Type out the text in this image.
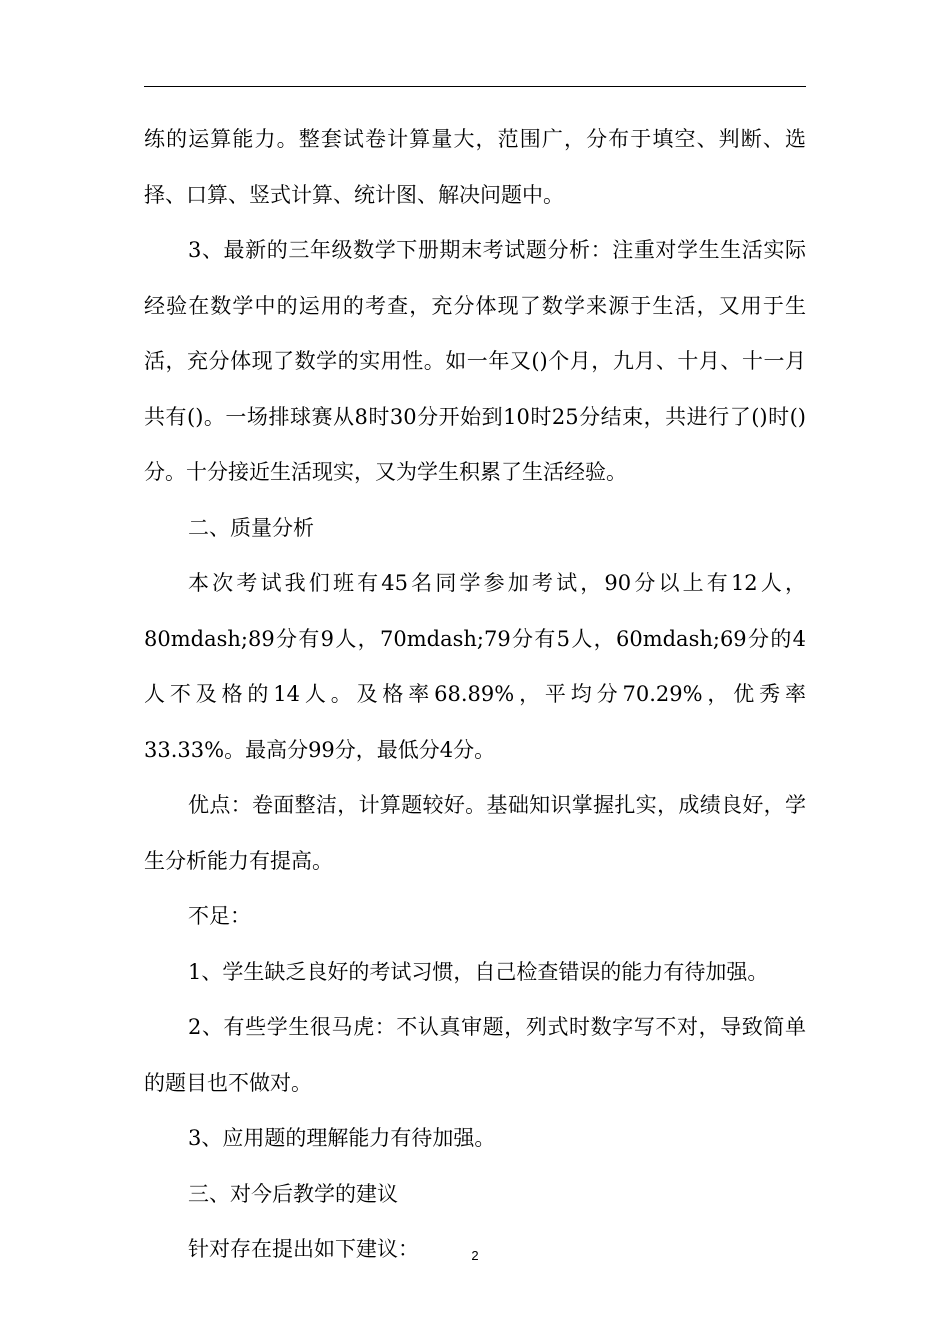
练的运算能力。整套试卷计算量大，范围广，分布于填空、判断、选择、口算、竖式计算、统计图、解决问题中。

3、最新的三年级数学下册期末考试题分析：注重对学生生活实际经验在数学中的运用的考查，充分体现了数学来源于生活，又用于生活，充分体现了数学的实用性。如一年又()个月，九月、十月、十一月共有()。一场排球赛从8时30分开始到10时25分结束，共进行了()时()分。十分接近生活现实，又为学生积累了生活经验。

二、质量分析

本次考试我们班有45名同学参加考试，90分以上有12人，80mdash;89分有9人，70mdash;79分有5人，60mdash;69分的4人不及格的14人。及格率68.89%，平均分70.29%，优秀率33.33%。最高分99分，最低分4分。

优点：卷面整洁，计算题较好。基础知识掌握扎实，成绩良好，学生分析能力有提高。

不足：

1、学生缺乏良好的考试习惯，自己检查错误的能力有待加强。

2、有些学生很马虎：不认真审题，列式时数字写不对，导致简单的题目也不做对。

3、应用题的理解能力有待加强。

三、对今后教学的建议

针对存在提出如下建议：	2
